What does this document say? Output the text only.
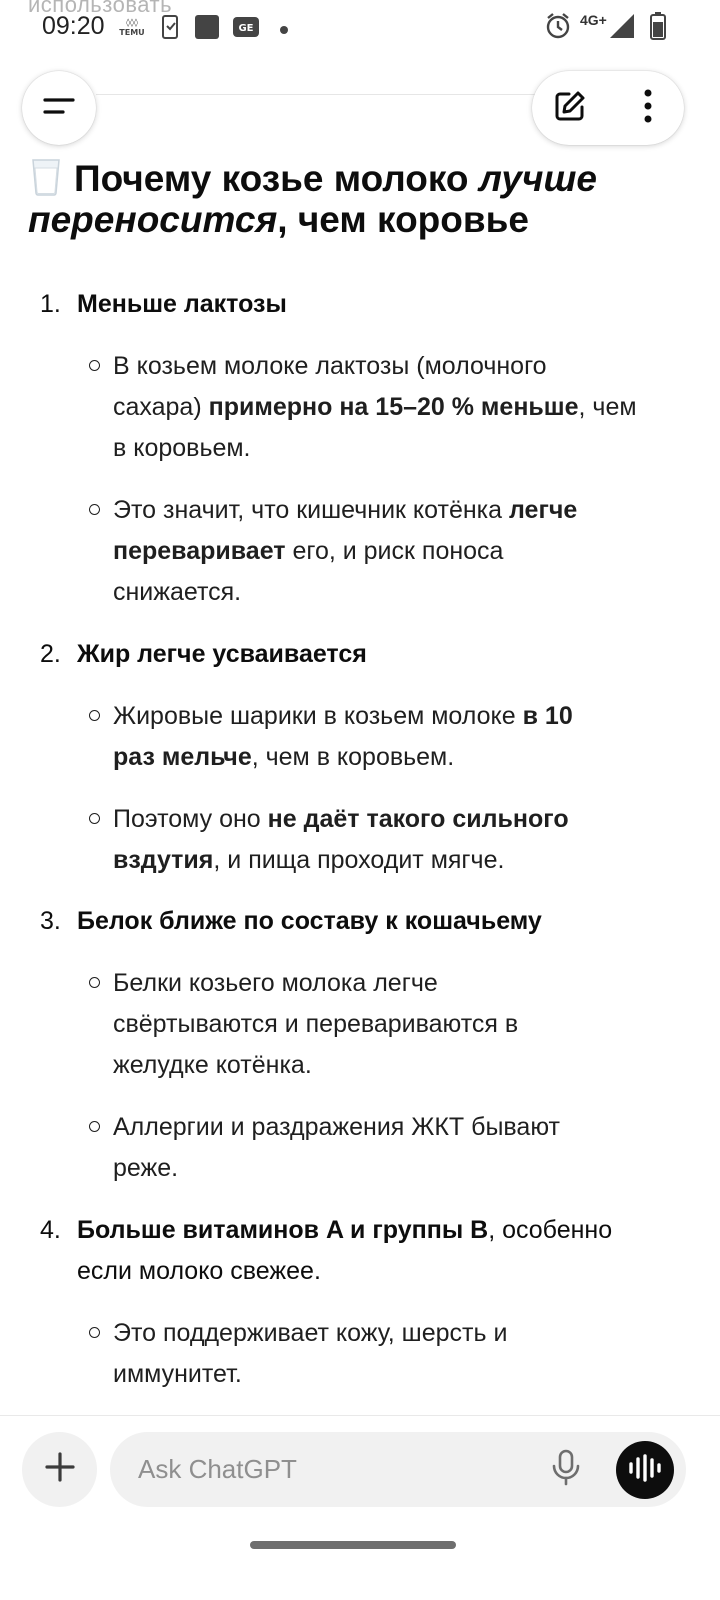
использовать
09:20	◊◊◊
TEMU	GE
4G+
Почему козье молоко лучше
переносится, чем коровье
1. Меньше лактозы
В козьем молоке лактозы (молочного
сахара) примерно на 15–20 % меньше, чем
в коровьем.
Это значит, что кишечник котёнка легче
переваривает его, и риск поноса
снижается.
2. Жир легче усваивается
Жировые шарики в козьем молоке в 10
раз мельче, чем в коровьем.
Поэтому оно не даёт такого сильного
вздутия, и пища проходит мягче.
3. Белок ближе по составу к кошачьему
Белки козьего молока легче
свёртываются и перевариваются в
желудке котёнка.
Аллергии и раздражения ЖКТ бывают
реже.
4. Больше витаминов A и группы B, особенно
если молоко свежее.
Это поддерживает кожу, шерсть и
иммунитет.
Ask ChatGPT
